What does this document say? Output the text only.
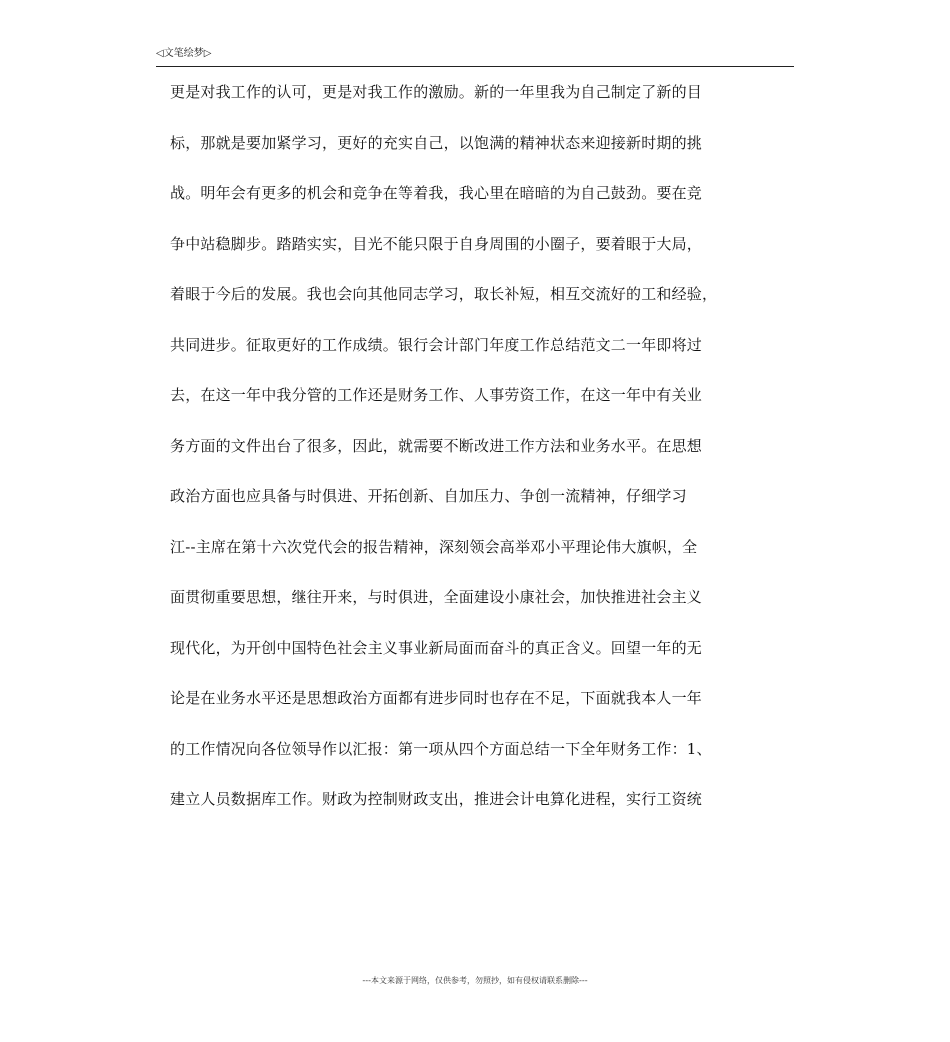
◁文笔绘梦▷
更是对我工作的认可，更是对我工作的激励。新的一年里我为自己制定了新的目
标，那就是要加紧学习，更好的充实自己，以饱满的精神状态来迎接新时期的挑
战。明年会有更多的机会和竞争在等着我，我心里在暗暗的为自己鼓劲。要在竞
争中站稳脚步。踏踏实实，目光不能只限于自身周围的小圈子，要着眼于大局，
着眼于今后的发展。我也会向其他同志学习，取长补短，相互交流好的工和经验，
共同进步。征取更好的工作成绩。银行会计部门年度工作总结范文二一年即将过
去，在这一年中我分管的工作还是财务工作、人事劳资工作，在这一年中有关业
务方面的文件出台了很多，因此，就需要不断改进工作方法和业务水平。在思想
政治方面也应具备与时俱进、开拓创新、自加压力、争创一流精神，仔细学习
江--主席在第十六次党代会的报告精神，深刻领会高举邓小平理论伟大旗帜，全
面贯彻重要思想，继往开来，与时俱进，全面建设小康社会，加快推进社会主义
现代化，为开创中国特色社会主义事业新局面而奋斗的真正含义。回望一年的无
论是在业务水平还是思想政治方面都有进步同时也存在不足，下面就我本人一年
的工作情况向各位领导作以汇报：第一项从四个方面总结一下全年财务工作：1、
建立人员数据库工作。财政为控制财政支出，推进会计电算化进程，实行工资统
---本文来源于网络，仅供参考，勿照抄，如有侵权请联系删除---
